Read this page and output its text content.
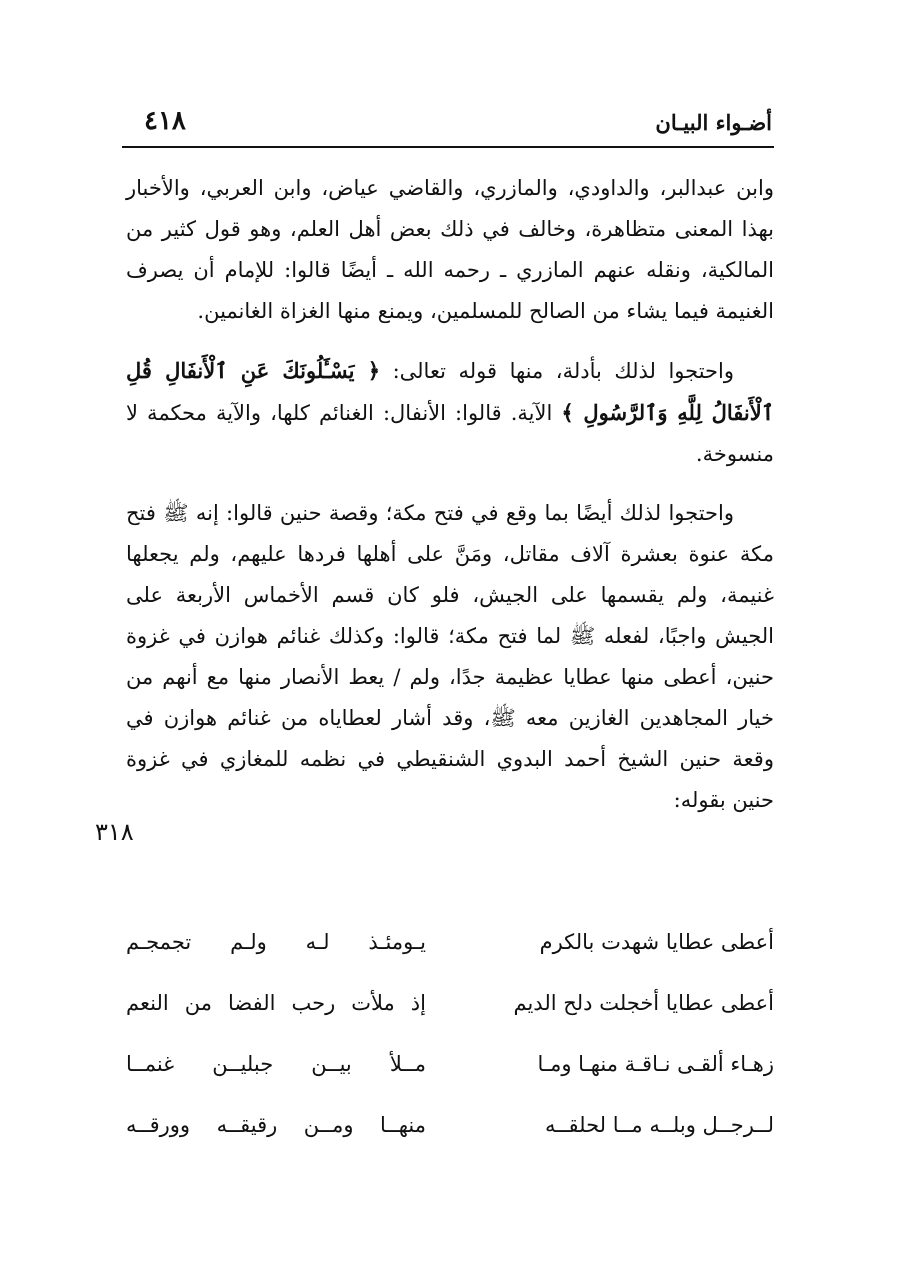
أضـواء البيـان
٤١٨

وابن عبدالبر، والداودي، والمازري، والقاضي عياض، وابن العربي، والأخبار بهذا المعنى متظاهرة، وخالف في ذلك بعض أهل العلم، وهو قول كثير من المالكية، ونقله عنهم المازري ـ رحمه الله ـ أيضًا قالوا: للإمام أن يصرف الغنيمة فيما يشاء من الصالح للمسلمين، ويمنع منها الغزاة الغانمين.

واحتجوا لذلك بأدلة، منها قوله تعالى: ﴿ يَسْـَٔلُونَكَ عَنِ ٱلْأَنفَالِ قُلِ ٱلْأَنفَالُ لِلَّهِ وَٱلرَّسُولِ ﴾ الآية. قالوا: الأنفال: الغنائم كلها، والآية محكمة لا منسوخة.

واحتجوا لذلك أيضًا بما وقع في فتح مكة؛ وقصة حنين قالوا: إنه ﷺ فتح مكة عنوة بعشرة آلاف مقاتل، ومَنَّ على أهلها فردها عليهم، ولم يجعلها غنيمة، ولم يقسمها على الجيش، فلو كان قسم الأخماس الأربعة على الجيش واجبًا، لفعله ﷺ لما فتح مكة؛ قالوا: وكذلك غنائم هوازن في غزوة حنين، أعطى منها عطايا عظيمة جدًا، ولم / يعط الأنصار منها مع أنهم من خيار المجاهدين الغازين معه ﷺ، وقد أشار لعطاياه من غنائم هوازن في وقعة حنين الشيخ أحمد البدوي الشنقيطي في نظمه للمغازي في غزوة حنين بقوله:

٣١٨
أعطى عطايا شهدت بالكرم
يـومئـذ لـه ولـم تجمجـم
أعطى عطايا أخجلت دلح الديم
إذ ملأت رحب الفضا من النعم
زهـاء ألقـى نـاقـة منهـا ومـا
مــلأ بيــن جبليــن غنمــا
لــرجــل وبلــه مــا لحلقــه
منهــا ومــن رقيقــه وورقــه
